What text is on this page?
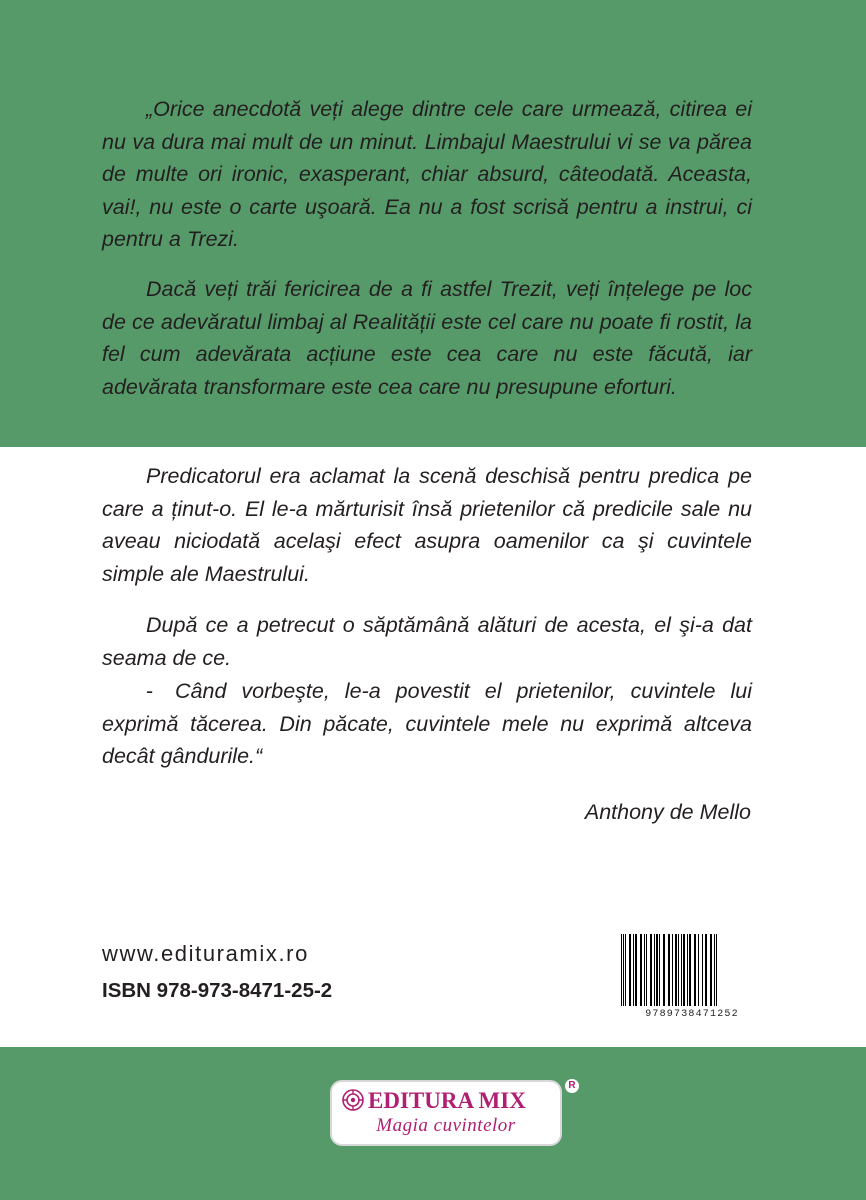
„Orice anecdotă veți alege dintre cele care urmează, citirea ei nu va dura mai mult de un minut. Limbajul Maestrului vi se va părea de multe ori ironic, exasperant, chiar absurd, câteodată. Aceasta, vai!, nu este o carte uşoară. Ea nu a fost scrisă pentru a instrui, ci pentru a Trezi.

Dacă veți trăi fericirea de a fi astfel Trezit, veți înțelege pe loc de ce adevăratul limbaj al Realității este cel care nu poate fi rostit, la fel cum adevărata acțiune este cea care nu este făcută, iar adevărata transformare este cea care nu presupune eforturi.

Predicatorul era aclamat la scenă deschisă pentru predica pe care a ținut-o. El le-a mărturisit însă prietenilor că predicile sale nu aveau niciodată acelaşi efect asupra oamenilor ca şi cuvintele simple ale Maestrului.

După ce a petrecut o săptămână alături de acesta, el şi-a dat seama de ce.

-	Când vorbeşte, le-a povestit el prietenilor, cuvintele lui exprimă tăcerea. Din păcate, cuvintele mele nu exprimă altceva decât gândurile.“

Anthony de Mello
www.edituramix.ro
ISBN 978-973-8471-25-2
9789738471252
EDITURA MIX
Magia cuvintelor
R
